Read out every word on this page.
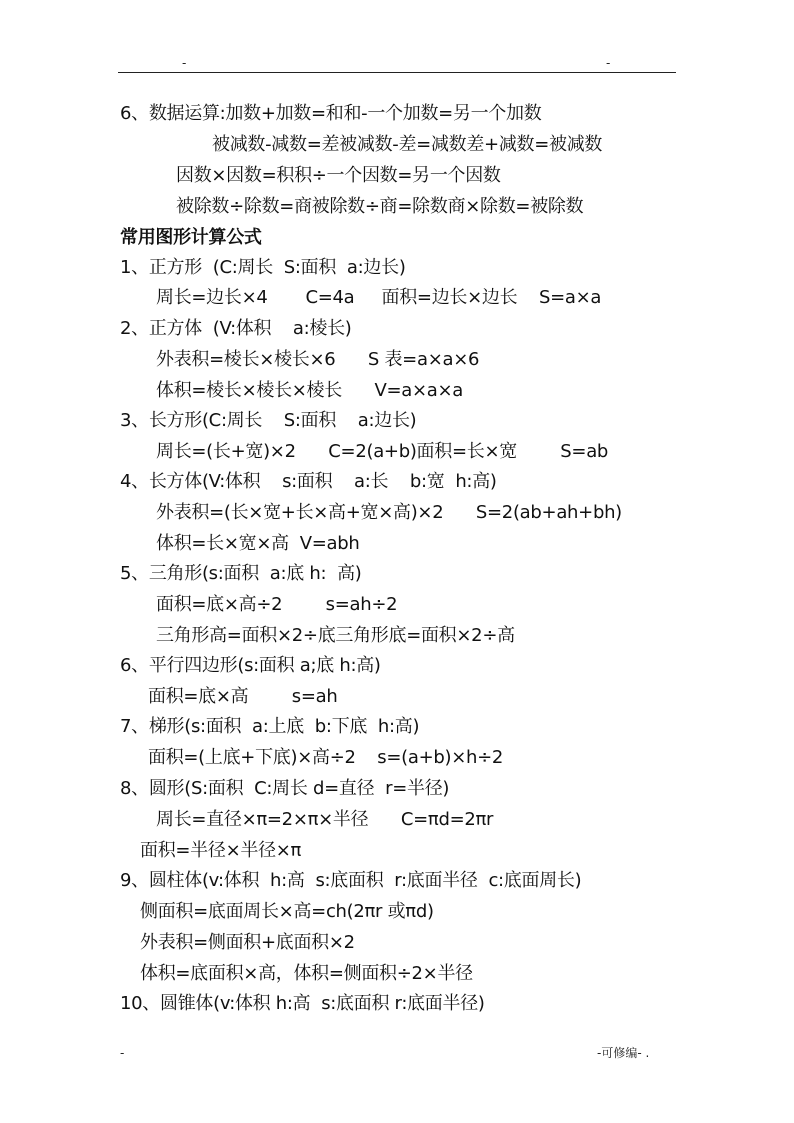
-	-
6、数据运算:加数+加数=和和-一个加数=另一个加数
被减数-减数=差被减数-差=减数差+减数=被减数
因数×因数=积积÷一个因数=另一个因数
被除数÷除数=商被除数÷商=除数商×除数=被除数
常用图形计算公式
1、正方形  (C:周长  S:面积  a:边长)
周长=边长×4       C=4a     面积=边长×边长    S=a×a
2、正方体  (V:体积    a:棱长)
外表积=棱长×棱长×6      S 表=a×a×6
体积=棱长×棱长×棱长      V=a×a×a
3、长方形(C:周长    S:面积    a:边长)
周长=(长+宽)×2      C=2(a+b)面积=长×宽        S=ab
4、长方体(V:体积    s:面积    a:长    b:宽  h:高)
外表积=(长×宽+长×高+宽×高)×2      S=2(ab+ah+bh)
体积=长×宽×高  V=abh
5、三角形(s:面积  a:底 h:  高)
面积=底×高÷2        s=ah÷2
三角形高=面积×2÷底三角形底=面积×2÷高
6、平行四边形(s:面积 a;底 h:高)
面积=底×高        s=ah
7、梯形(s:面积  a:上底  b:下底  h:高)
面积=(上底+下底)×高÷2    s=(a+b)×h÷2
8、圆形(S:面积  C:周长 d=直径  r=半径)
周长=直径×π=2×π×半径      C=πd=2πr
面积=半径×半径×π
9、圆柱体(v:体积  h:高  s:底面积  r:底面半径  c:底面周长)
侧面积=底面周长×高=ch(2πr 或πd)
外表积=侧面积+底面积×2
体积=底面积×高，体积=侧面积÷2×半径
10、圆锥体(v:体积 h:高  s:底面积 r:底面半径)
-	-可修编- .
